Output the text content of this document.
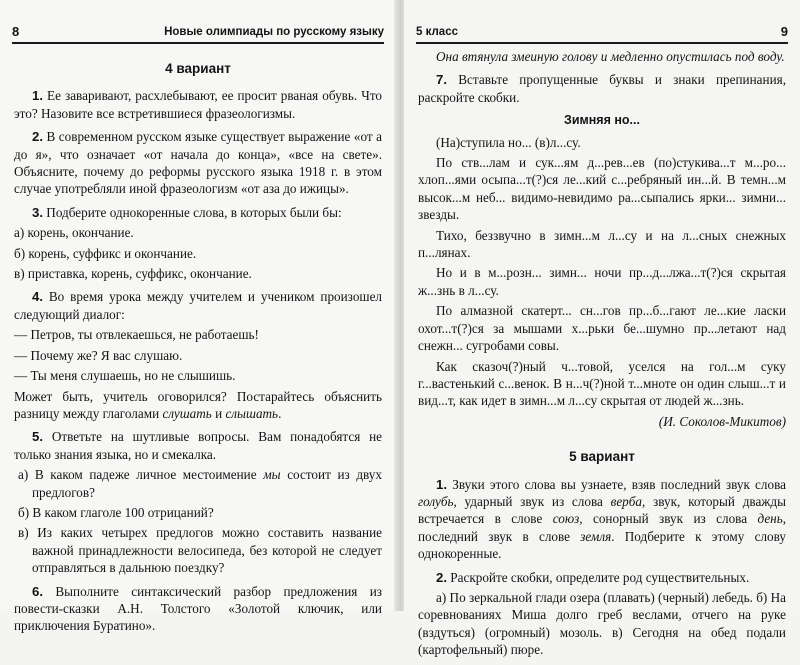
8	Новые олимпиады по русскому языку
4 вариант

1. Ее заваривают, расхлебывают, ее просит рваная обувь. Что это? Назовите все встретившиеся фразеологизмы.

2. В современном русском языке существует выражение «от а до я», что означает «от начала до конца», «все на свете». Объясните, почему до реформы русского языка 1918 г. в этом случае употребляли иной фразеологизм «от аза до ижицы».

3. Подберите однокоренные слова, в которых были бы:

а) корень, окончание.

б) корень, суффикс и окончание.

в) приставка, корень, суффикс, окончание.

4. Во время урока между учителем и учеником произошел следующий диалог:

— Петров, ты отвлекаешься, не работаешь!

— Почему же? Я вас слушаю.

— Ты меня слушаешь, но не слышишь.

Может быть, учитель оговорился? Постарайтесь объяснить разницу между глаголами слушать и слышать.

5. Ответьте на шутливые вопросы. Вам понадобятся не только знания языка, но и смекалка.

а) В каком падеже личное местоимение мы состоит из двух предлогов?

б) В каком глаголе 100 отрицаний?

в) Из каких четырех предлогов можно составить название важной принадлежности велосипеда, без которой не следует отправляться в дальнюю поездку?

6. Выполните синтаксический разбор предложения из повести-сказки А.Н. Толстого «Золотой ключик, или приключения Буратино».

5 класс	9

Она втянула змеиную голову и медленно опустилась под воду.

7. Вставьте пропущенные буквы и знаки препинания, раскройте скобки.

Зимняя но...

(На)ступила но... (в)л...су.

По ств...лам и сук...ям д...рев...ев (по)стукива...т м...ро... хлоп...ями осыпа...т(?)ся ле...кий с...ребряный ин...й. В темн...м высок...м неб... видимо-невидимо ра...сыпались ярки... зимни... звезды.

Тихо, беззвучно в зимн...м л...су и на л...сных снежных п...лянах.

Но и в м...розн... зимн... ночи пр...д...лжа...т(?)ся скрытая ж...знь в л...су.

По алмазной скатерт... сн...гов пр...б...гают ле...кие ласки охот...т(?)ся за мышами х...рьки бе...шумно пр...летают над снежн... сугробами совы.

Как сказоч(?)ный ч...товой, уселся на гол...м суку г...вастенький с...венок. В н...ч(?)ной т...мноте он один слыш...т и вид...т, как идет в зимн...м л...су скрытая от людей ж...знь.

(И. Соколов-Микитов)

5 вариант

1. Звуки этого слова вы узнаете, взяв последний звук слова голубь, ударный звук из слова верба, звук, который дважды встречается в слове союз, сонорный звук из слова день, последний звук в слове земля. Подберите к этому слову однокоренные.

2. Раскройте скобки, определите род существительных.

а) По зеркальной глади озера (плавать) (черный) лебедь. б) На соревнованиях Миша долго греб веслами, отчего на руке (вздуться) (огромный) мозоль. в) Сегодня на обед подали (картофельный) пюре.
